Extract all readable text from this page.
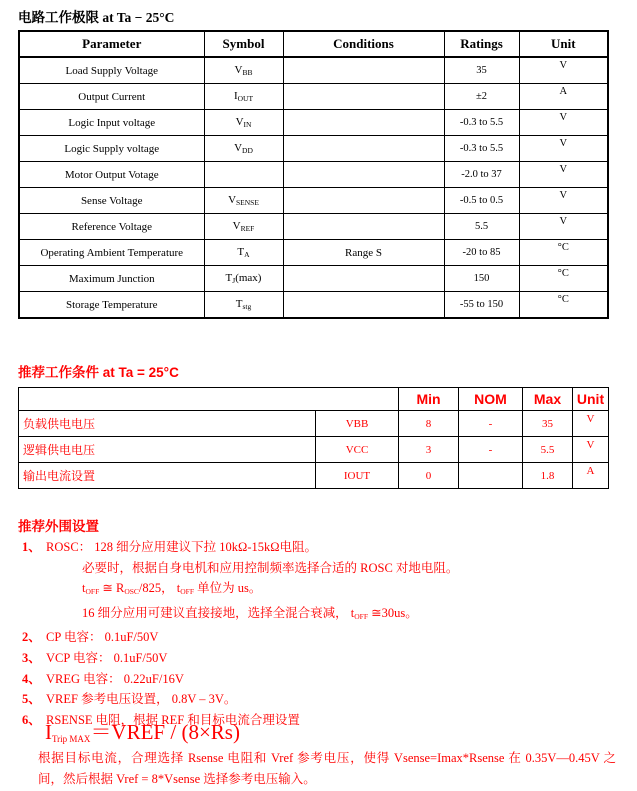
电路工作极限 at Ta − 25°C
Parameter	Symbol	Conditions	Ratings	Unit
Load Supply Voltage	$V_{BB}$		35	V
Output Current	$I_{OUT}$		±2	A
Logic Input voltage	$V_{IN}$		-0.3 to 5.5	V
Logic Supply voltage	$V_{DD}$		-0.3 to 5.5	V
Motor Output Votage			-2.0 to 37	V
Sense Voltage	$V_{SENSE}$		-0.5 to 0.5	V
Reference Voltage	$V_{REF}$		5.5	V
Operating Ambient Temperature	$T_A$	Range S	-20 to 85	°C
Maximum Junction	$T_J(\max)$		150	°C
Storage Temperature	$T_{stg}$		-55 to 150	°C
推荐工作条件 at Ta = 25°C
		Min	NOM	Max	Unit
负载供电电压	VBB	8	-	35	V
逻辑供电电压	VCC	3	-	5.5	V
输出电流设置	IOUT	0		1.8	A
推荐外围设置
1、 ROSC： 128 细分应用建议下拉 10kΩ-15kΩ电阻。
必要时，根据自身电机和应用控制频率选择合适的 ROSC 对地电阻。
$t_{OFF}$ ≅ $R_{OSC}/825$， $t_{OFF}$ 单位为 us。
16 细分应用可建议直接接地，选择全混合衰减， $t_{OFF}$ ≅30us。
2、 CP 电容： 0.1uF/50V
3、 VCP 电容： 0.1uF/50V
4、 VREG 电容： 0.22uF/16V
5、 VREF 参考电压设置， 0.8V – 3V。
6、 RSENSE 电阻，根据 REF 和目标电流合理设置
$I_{Trip MAX}=VREF / (8\times Rs)$
根据目标电流，合理选择 Rsense 电阻和 Vref 参考电压，使得 Vsense=Imax*Rsense 在 0.35V—0.45V 之间，然后根据 Vref = 8*Vsense 选择参考电压输入。
